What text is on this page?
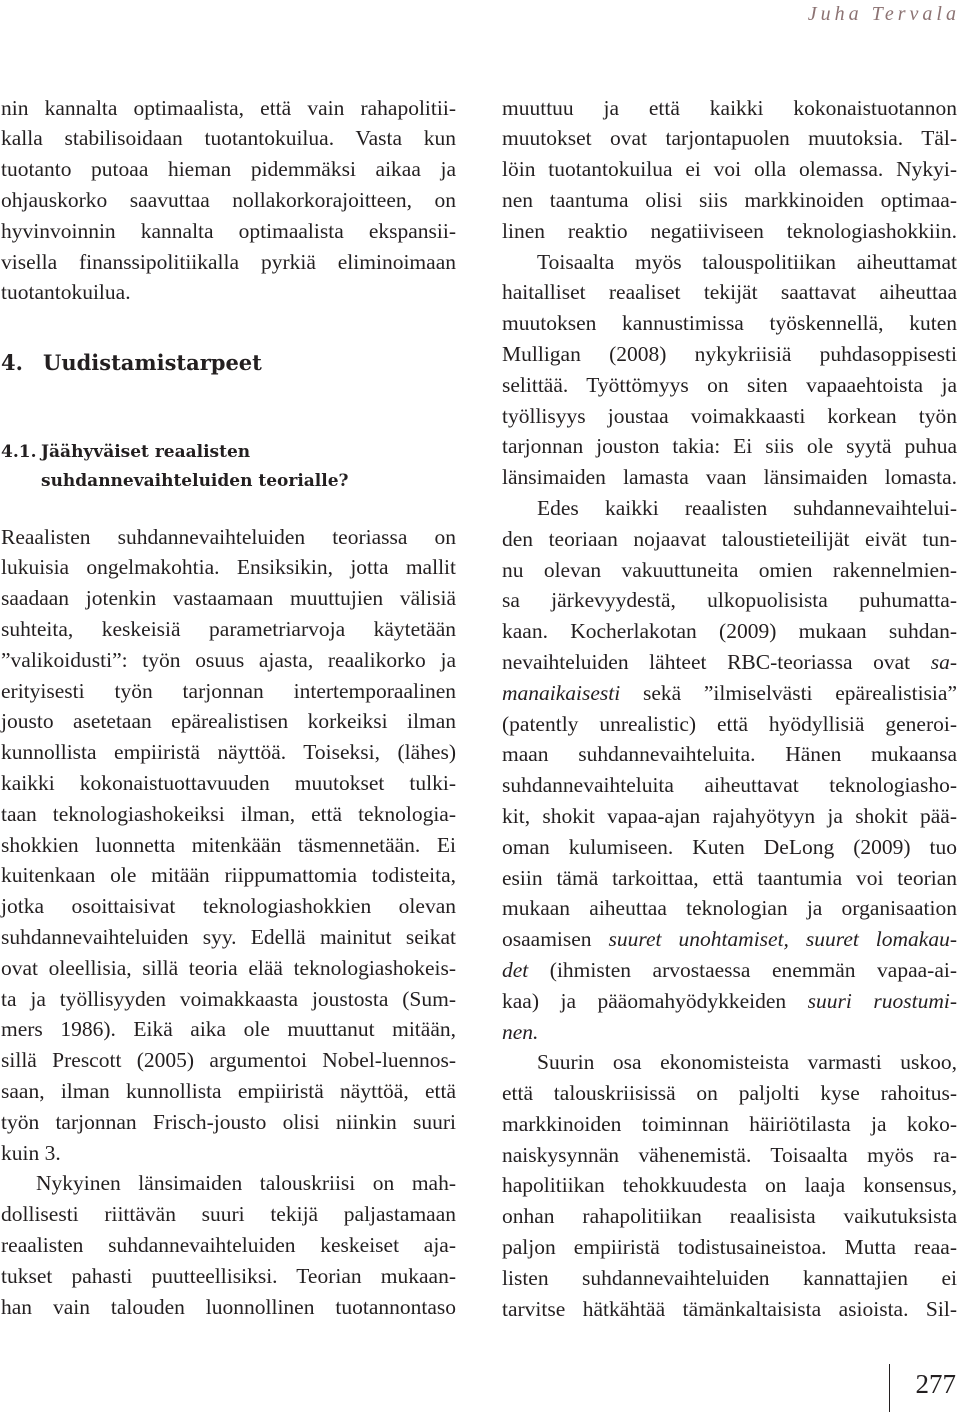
Juha Tervala
nin kannalta optimaalista, että vain rahapolitii-
kalla stabilisoidaan tuotantokuilua. Vasta kun
tuotanto putoaa hieman pidemmäksi aikaa ja
ohjauskorko saavuttaa nollakorkorajoitteen, on
hyvinvoinnin kannalta optimaalista ekspansii-
visella finanssipolitiikalla pyrkiä eliminoimaan
tuotantokuilua.
4. Uudistamistarpeet
4.1. Jäähyväiset reaalisten
suhdannevaihteluiden teorialle?
Reaalisten suhdannevaihteluiden teoriassa on
lukuisia ongelmakohtia. Ensiksikin, jotta mallit
saadaan jotenkin vastaamaan muuttujien välisiä
suhteita, keskeisiä parametriarvoja käytetään
”valikoidusti”: työn osuus ajasta, reaalikorko ja
erityisesti työn tarjonnan intertemporaalinen
jousto asetetaan epärealistisen korkeiksi ilman
kunnollista empiiristä näyttöä. Toiseksi, (lähes)
kaikki kokonaistuottavuuden muutokset tulki-
taan teknologiashokeiksi ilman, että teknologia-
shokkien luonnetta mitenkään täsmennetään. Ei
kuitenkaan ole mitään riippumattomia todisteita,
jotka osoittaisivat teknologiashokkien olevan
suhdannevaihteluiden syy. Edellä mainitut seikat
ovat oleellisia, sillä teoria elää teknologiashokeis-
ta ja työllisyyden voimakkaasta joustosta (Sum-
mers 1986). Eikä aika ole muuttanut mitään,
sillä Prescott (2005) argumentoi Nobel-luennos-
saan, ilman kunnollista empiiristä näyttöä, että
työn tarjonnan Frisch-jousto olisi niinkin suuri
kuin 3.
Nykyinen länsimaiden talouskriisi on mah-
dollisesti riittävän suuri tekijä paljastamaan
reaalisten suhdannevaihteluiden keskeiset aja-
tukset pahasti puutteellisiksi. Teorian mukaan-
han vain talouden luonnollinen tuotannontaso
muuttuu ja että kaikki kokonaistuotannon
muutokset ovat tarjontapuolen muutoksia. Täl-
löin tuotantokuilua ei voi olla olemassa. Nykyi-
nen taantuma olisi siis markkinoiden optimaa-
linen reaktio negatiiviseen teknologiashokkiin.
Toisaalta myös talouspolitiikan aiheuttamat
haitalliset reaaliset tekijät saattavat aiheuttaa
muutoksen kannustimissa työskennellä, kuten
Mulligan (2008) nykykriisiä puhdasoppisesti
selittää. Työttömyys on siten vapaaehtoista ja
työllisyys joustaa voimakkaasti korkean työn
tarjonnan jouston takia: Ei siis ole syytä puhua
länsimaiden lamasta vaan länsimaiden lomasta.
Edes kaikki reaalisten suhdannevaihtelui-
den teoriaan nojaavat taloustieteilijät eivät tun-
nu olevan vakuuttuneita omien rakennelmien-
sa järkevyydestä, ulkopuolisista puhumatta-
kaan. Kocherlakotan (2009) mukaan suhdan-
nevaihteluiden lähteet RBC-teoriassa ovat sa-
manaikaisesti sekä ”ilmiselvästi epärealistisia”
(patently unrealistic) että hyödyllisiä generoi-
maan suhdannevaihteluita. Hänen mukaansa
suhdannevaihteluita aiheuttavat teknologiasho-
kit, shokit vapaa-ajan rajahyötyyn ja shokit pää-
oman kulumiseen. Kuten DeLong (2009) tuo
esiin tämä tarkoittaa, että taantumia voi teorian
mukaan aiheuttaa teknologian ja organisaation
osaamisen suuret unohtamiset, suuret lomakau-
det (ihmisten arvostaessa enemmän vapaa-ai-
kaa) ja pääomahyödykkeiden suuri ruostumi-
nen.
Suurin osa ekonomisteista varmasti uskoo,
että talouskriisissä on paljolti kyse rahoitus-
markkinoiden toiminnan häiriötilasta ja koko-
naiskysynnän vähenemistä. Toisaalta myös ra-
hapolitiikan tehokkuudesta on laaja konsensus,
onhan rahapolitiikan reaalisista vaikutuksista
paljon empiiristä todistusaineistoa. Mutta reaa-
listen suhdannevaihteluiden kannattajien ei
tarvitse hätkähtää tämänkaltaisista asioista. Sil-
277
